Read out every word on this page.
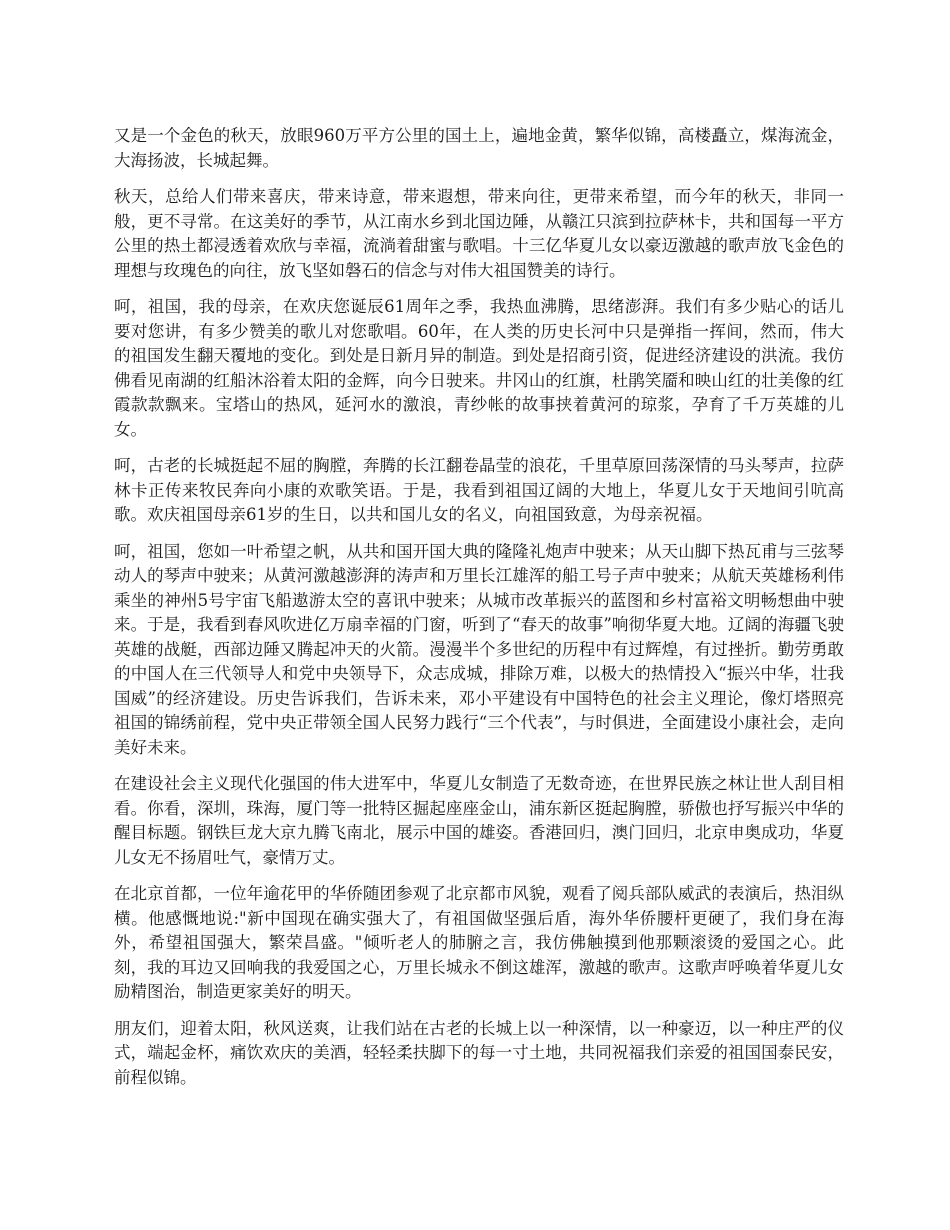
又是一个金色的秋天，放眼960万平方公里的国土上，遍地金黄，繁华似锦，高楼矗立，煤海流金，大海扬波，长城起舞。

秋天，总给人们带来喜庆，带来诗意，带来遐想，带来向往，更带来希望，而今年的秋天，非同一般，更不寻常。在这美好的季节，从江南水乡到北国边陲，从赣江只滨到拉萨林卡，共和国每一平方公里的热土都浸透着欢欣与幸福，流淌着甜蜜与歌唱。十三亿华夏儿女以豪迈激越的歌声放飞金色的理想与玫瑰色的向往，放飞坚如磐石的信念与对伟大祖国赞美的诗行。

呵，祖国，我的母亲，在欢庆您诞辰61周年之季，我热血沸腾，思绪澎湃。我们有多少贴心的话儿要对您讲，有多少赞美的歌儿对您歌唱。60年，在人类的历史长河中只是弹指一挥间，然而，伟大的祖国发生翻天覆地的变化。到处是日新月异的制造。到处是招商引资，促进经济建设的洪流。我仿佛看见南湖的红船沐浴着太阳的金辉，向今日驶来。井冈山的红旗，杜鹃笑靥和映山红的壮美像的红霞款款飘来。宝塔山的热风，延河水的激浪，青纱帐的故事挟着黄河的琼浆，孕育了千万英雄的儿女。

呵，古老的长城挺起不屈的胸膛，奔腾的长江翻卷晶莹的浪花，千里草原回荡深情的马头琴声，拉萨林卡正传来牧民奔向小康的欢歌笑语。于是，我看到祖国辽阔的大地上，华夏儿女于天地间引吭高歌。欢庆祖国母亲61岁的生日，以共和国儿女的名义，向祖国致意，为母亲祝福。

呵，祖国，您如一叶希望之帆，从共和国开国大典的隆隆礼炮声中驶来；从天山脚下热瓦甫与三弦琴动人的琴声中驶来；从黄河激越澎湃的涛声和万里长江雄浑的船工号子声中驶来；从航天英雄杨利伟乘坐的神州5号宇宙飞船遨游太空的喜讯中驶来；从城市改革振兴的蓝图和乡村富裕文明畅想曲中驶来。于是，我看到春风吹进亿万扇幸福的门窗，听到了“春天的故事”响彻华夏大地。辽阔的海疆飞驶英雄的战艇，西部边陲又腾起冲天的火箭。漫漫半个多世纪的历程中有过辉煌，有过挫折。勤劳勇敢的中国人在三代领导人和党中央领导下，众志成城，排除万难，以极大的热情投入“振兴中华，壮我国威”的经济建设。历史告诉我们，告诉未来，邓小平建设有中国特色的社会主义理论，像灯塔照亮祖国的锦绣前程，党中央正带领全国人民努力践行“三个代表”，与时俱进，全面建设小康社会，走向美好未来。

在建设社会主义现代化强国的伟大进军中，华夏儿女制造了无数奇迹，在世界民族之林让世人刮目相看。你看，深圳，珠海，厦门等一批特区掘起座座金山，浦东新区挺起胸膛，骄傲也抒写振兴中华的醒目标题。钢铁巨龙大京九腾飞南北，展示中国的雄姿。香港回归，澳门回归，北京申奥成功，华夏儿女无不扬眉吐气，豪情万丈。

在北京首都，一位年逾花甲的华侨随团参观了北京都市风貌，观看了阅兵部队威武的表演后，热泪纵横。他感慨地说:"新中国现在确实强大了，有祖国做坚强后盾，海外华侨腰杆更硬了，我们身在海外，希望祖国强大，繁荣昌盛。"倾听老人的肺腑之言，我仿佛触摸到他那颗滚烫的爱国之心。此刻，我的耳边又回响我的我爱国之心，万里长城永不倒这雄浑，激越的歌声。这歌声呼唤着华夏儿女励精图治，制造更家美好的明天。

朋友们，迎着太阳，秋风送爽，让我们站在古老的长城上以一种深情，以一种豪迈，以一种庄严的仪式，端起金杯，痛饮欢庆的美酒，轻轻柔扶脚下的每一寸土地，共同祝福我们亲爱的祖国国泰民安，前程似锦。
